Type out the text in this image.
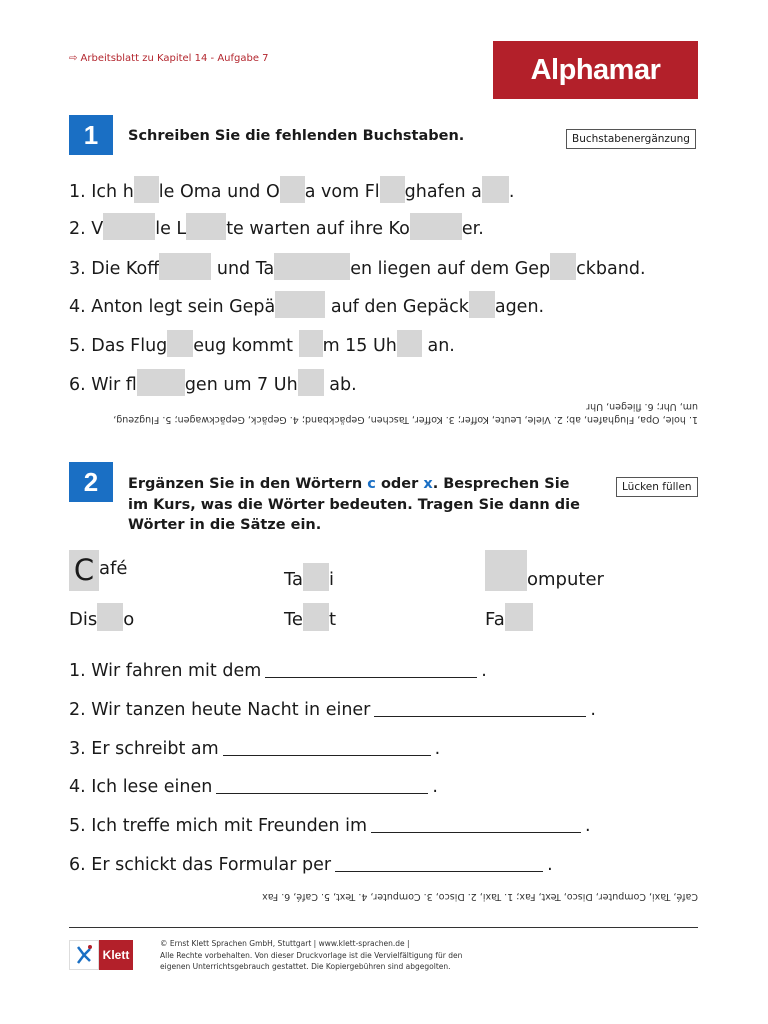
⇨ Arbeitsblatt zu Kapitel 14 - Aufgabe 7	Alphamar
1	Schreiben Sie die fehlenden Buchstaben.	Buchstabenergänzung
1. Ich h le Oma und O a vom Fl ghafen a .
2. V	le L te warten auf ihre Ko	er.
3. Die Koff	und Ta	en liegen auf dem Gep ckband.
4. Anton legt sein Gepä	auf den Gepäck agen.
5. Das Flug eug kommt m 15 Uh an.
6. Wir fl	gen um 7 Uh ab.
1. hole, Opa, Flughafen, ab; 2. Viele, Leute, Koffer; 3. Koffer, Taschen, Gepäckband; 4. Gepäck, Gepäckwagen; 5. Flugzeug,
um, Uhr; 6. fliegen, Uhr
2	Ergänzen Sie in den Wörtern c oder x. Besprechen Sie
im Kurs, was die Wörter bedeuten. Tragen Sie dann die
Wörter in die Sätze ein.
Lücken füllen
C afé
Ta i	omputer
Dis o	Te t	Fa
1. Wir fahren mit dem	.
2. Wir tanzen heute Nacht in einer	.
3. Er schreibt am	.
4. Ich lese einen	.
5. Ich treffe mich mit Freunden im	.
6. Er schickt das Formular per	.
Café, Taxi, Computer, Disco, Text, Fax; 1. Taxi, 2. Disco, 3. Computer, 4. Text, 5. Café, 6. Fax
Klett
© Ernst Klett Sprachen GmbH, Stuttgart | www.klett-sprachen.de |
Alle Rechte vorbehalten. Von dieser Druckvorlage ist die Vervielfältigung für den
eigenen Unterrichtsgebrauch gestattet. Die Kopiergebühren sind abgegolten.
